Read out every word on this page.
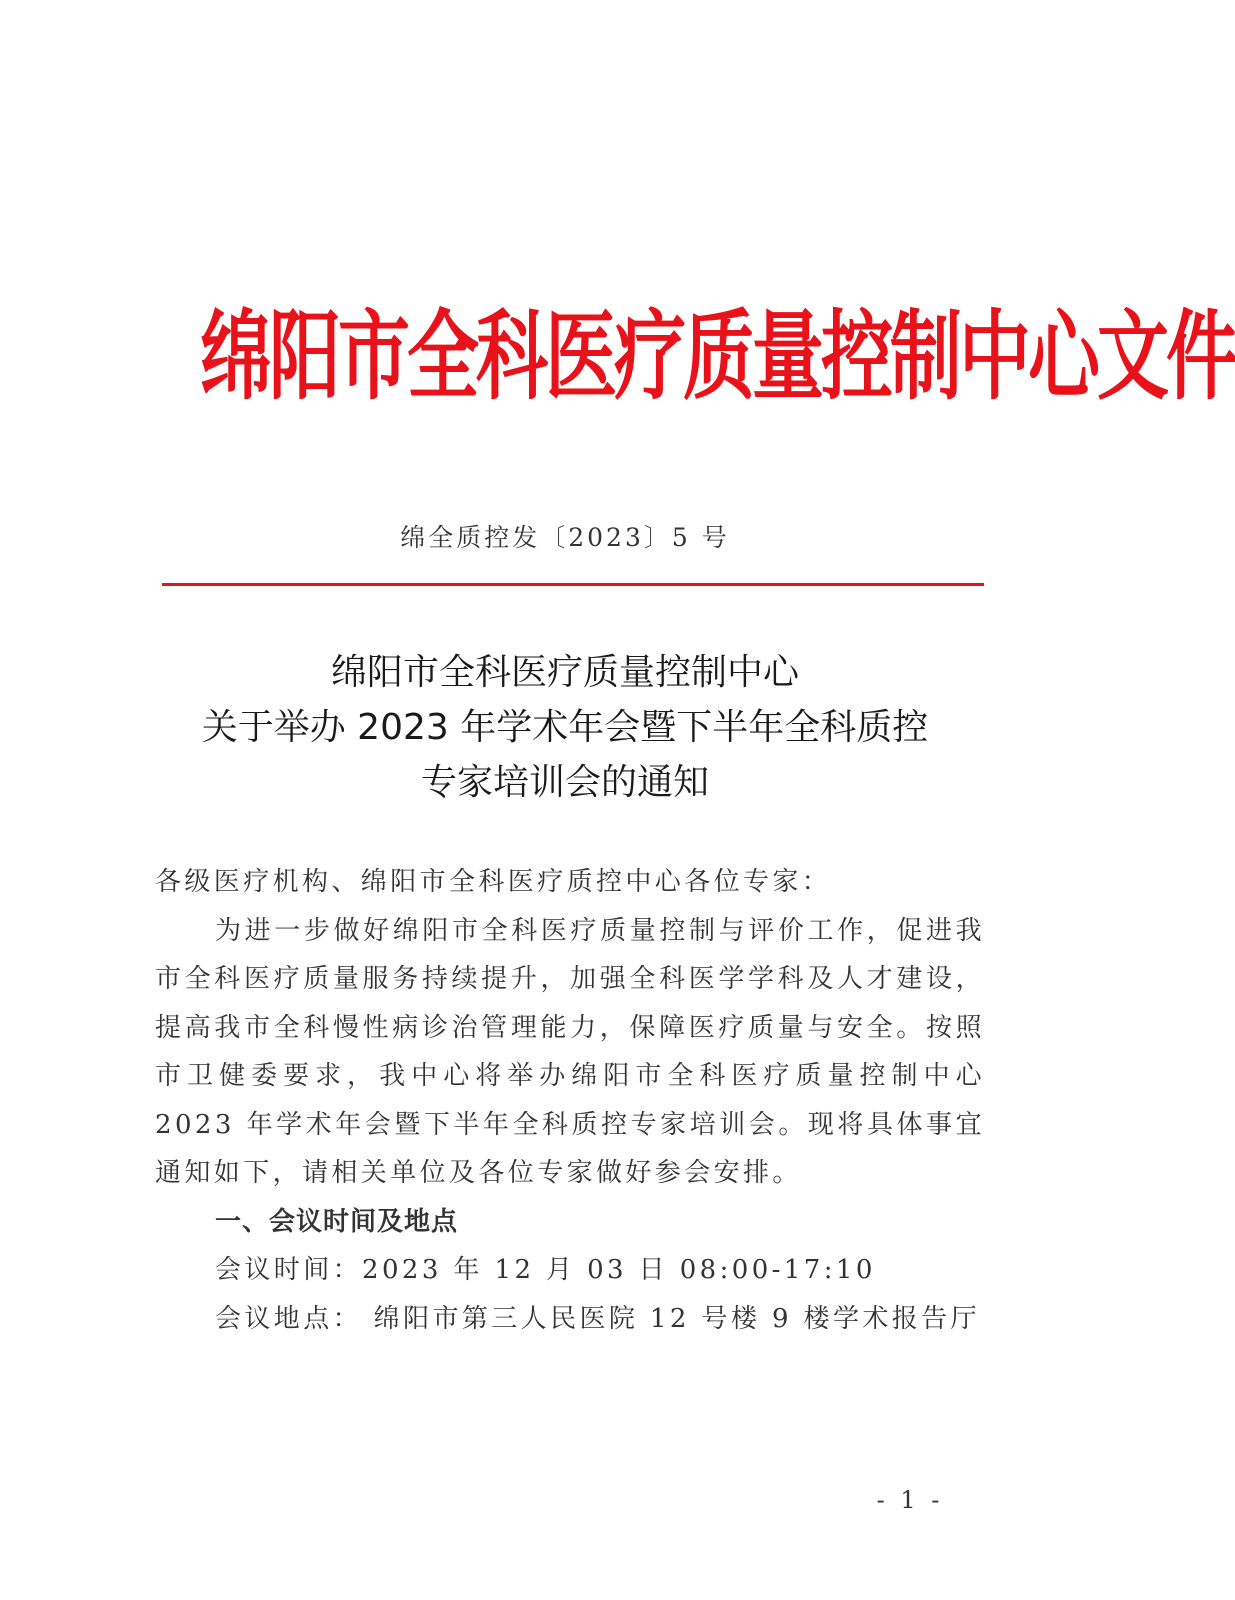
绵阳市全科医疗质量控制中心文件
绵全质控发〔2023〕5 号
绵阳市全科医疗质量控制中心
关于举办 2023 年学术年会暨下半年全科质控
专家培训会的通知

各级医疗机构、绵阳市全科医疗质控中心各位专家：

为进一步做好绵阳市全科医疗质量控制与评价工作，促进我市全科医疗质量服务持续提升，加强全科医学学科及人才建设，提高我市全科慢性病诊治管理能力，保障医疗质量与安全。按照市卫健委要求，我中心将举办绵阳市全科医疗质量控制中心 2023 年学术年会暨下半年全科质控专家培训会。现将具体事宜通知如下，请相关单位及各位专家做好参会安排。

一、会议时间及地点

会议时间：2023 年 12 月 03 日 08:00-17:10

会议地点： 绵阳市第三人民医院 12 号楼 9 楼学术报告厅

- 1 -
